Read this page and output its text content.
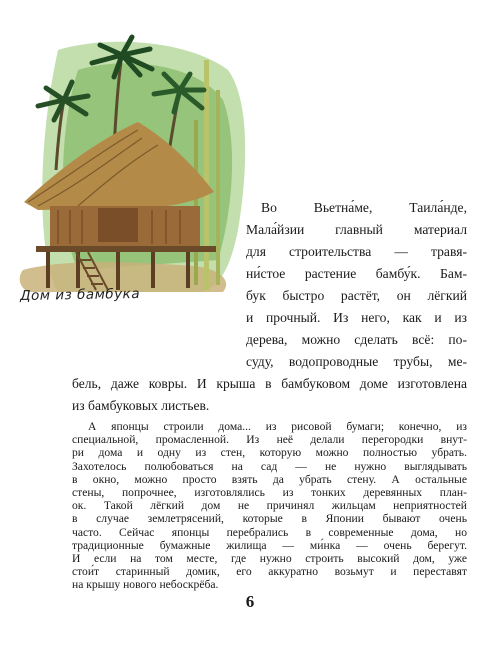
Дом из бамбука
Во Вьетна́ме, Таила́нде,
Мала́йзии главный материал
для строительства — травя-
ни́стое растение бамбу́к. Бам-
бук быстро растёт, он лёгкий
и прочный. Из него, как и из
дерева, можно сделать всё: по-
суду, водопроводные трубы, ме-
бель, даже ковры. И крыша в бамбуковом доме изготовлена
из бамбуковых листьев.
А японцы строили дома... из рисовой бумаги; конечно, из
специальной, промасленной. Из неё делали перегородки внут-
ри дома и одну из стен, которую можно полностью убрать.
Захотелось полюбоваться на сад — не нужно выглядывать
в окно, можно просто взять да убрать стену. А остальные
стены, попрочнее, изготовлялись из тонких деревянных план-
ок. Такой лёгкий дом не причинял жильцам неприятностей
в случае землетрясений, которые в Японии бывают очень
часто. Сейчас японцы перебрались в современные дома, но
традиционные бумажные жилища — ми́нка — очень берегут.
И если на том месте, где нужно строить высокий дом, уже
стои́т старинный домик, его аккуратно возьмут и переставят
на крышу нового небоскрёба.
6
